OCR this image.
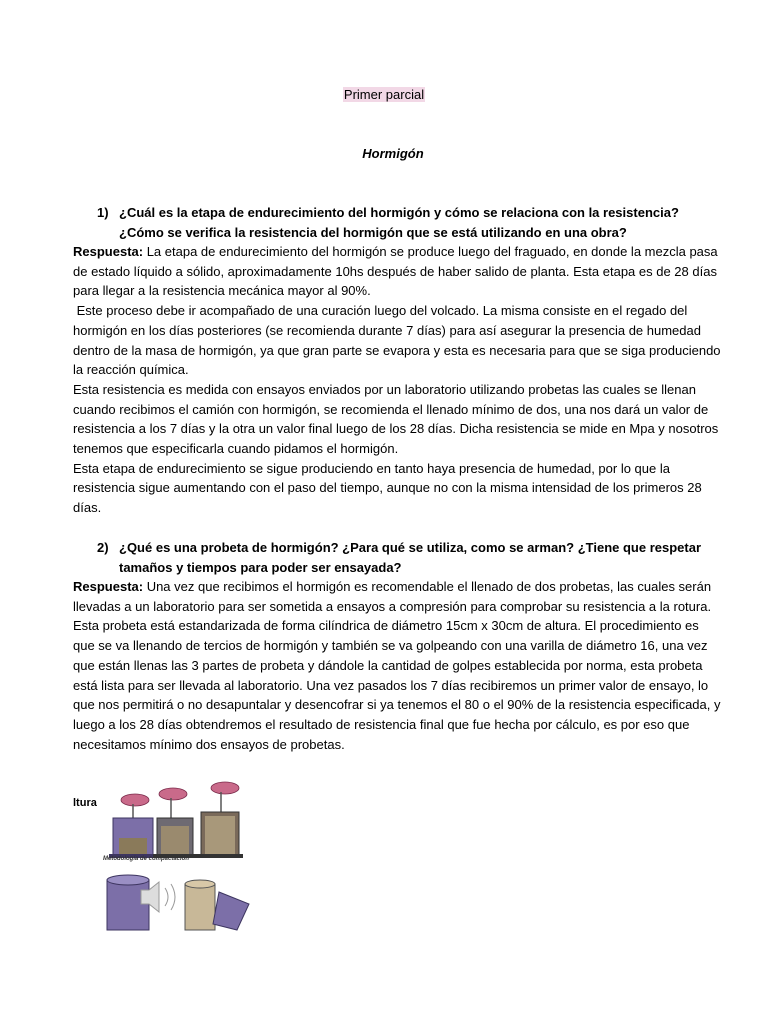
Primer parcial
Hormigón
1) ¿Cuál es la etapa de endurecimiento del hormigón y cómo se relaciona con la resistencia? ¿Cómo se verifica la resistencia del hormigón que se está utilizando en una obra?

Respuesta: La etapa de endurecimiento del hormigón se produce luego del fraguado, en donde la mezcla pasa de estado líquido a sólido, aproximadamente 10hs después de haber salido de planta. Esta etapa es de 28 días para llegar a la resistencia mecánica mayor al 90%.

Este proceso debe ir acompañado de una curación luego del volcado. La misma consiste en el regado del hormigón en los días posteriores (se recomienda durante 7 días) para así asegurar la presencia de humedad dentro de la masa de hormigón, ya que gran parte se evapora y esta es necesaria para que se siga produciendo la reacción química.

Esta resistencia es medida con ensayos enviados por un laboratorio utilizando probetas las cuales se llenan cuando recibimos el camión con hormigón, se recomienda el llenado mínimo de dos, una nos dará un valor de resistencia a los 7 días y la otra un valor final luego de los 28 días. Dicha resistencia se mide en Mpa y nosotros tenemos que especificarla cuando pidamos el hormigón.

Esta etapa de endurecimiento se sigue produciendo en tanto haya presencia de humedad, por lo que la resistencia sigue aumentando con el paso del tiempo, aunque no con la misma intensidad de los primeros 28 días.

2) ¿Qué es una probeta de hormigón? ¿Para qué se utiliza, como se arman? ¿Tiene que respetar tamaños y tiempos para poder ser ensayada?

Respuesta: Una vez que recibimos el hormigón es recomendable el llenado de dos probetas, las cuales serán llevadas a un laboratorio para ser sometida a ensayos a compresión para comprobar su resistencia a la rotura. Esta probeta está estandarizada de forma cilíndrica de diámetro 15cm x 30cm de altura. El procedimiento es que se va llenando de tercios de hormigón y también se va golpeando con una varilla de diámetro 16, una vez que están llenas las 3 partes de probeta y dándole la cantidad de golpes establecida por norma, esta probeta está lista para ser llevada al laboratorio. Una vez pasados los 7 días recibiremos un primer valor de ensayo, lo que nos permitirá o no desapuntalar y desencofrar si ya tenemos el 80 o el 90% de la resistencia especificada, y luego a los 28 días obtendremos el resultado de resistencia final que fue hecha por cálculo, es por eso que necesitamos mínimo dos ensayos de probetas.

ltura
Metodología de compactación
